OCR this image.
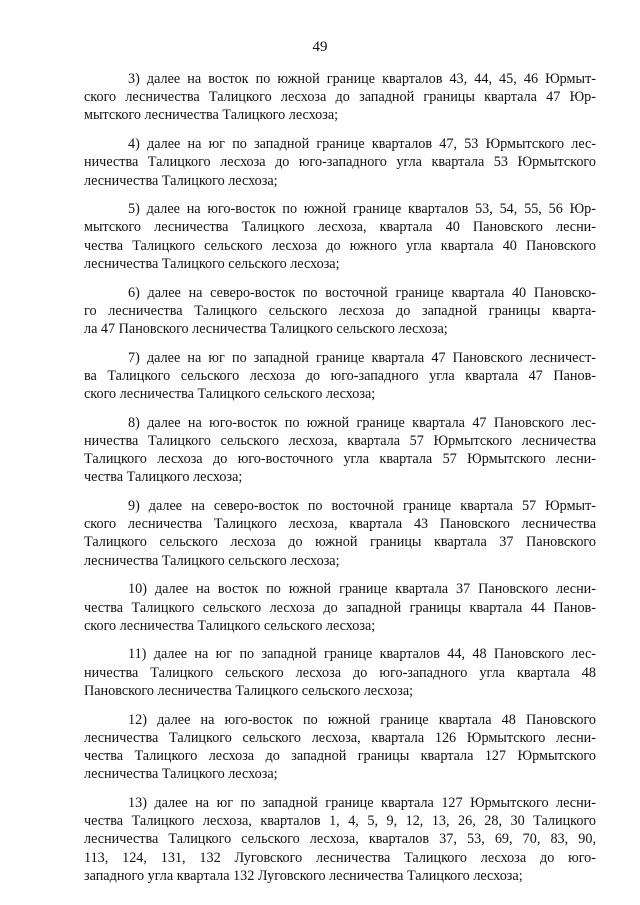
49
3) далее на восток по южной границе кварталов 43, 44, 45, 46 Юрмыт-
ского лесничества Талицкого лесхоза до западной границы квартала 47 Юр-
мытского лесничества Талицкого лесхоза;
4) далее на юг по западной границе кварталов 47, 53 Юрмытского лес-
ничества Талицкого лесхоза до юго-западного угла квартала 53 Юрмытского
лесничества Талицкого лесхоза;
5) далее на юго-восток по южной границе кварталов 53, 54, 55, 56 Юр-
мытского лесничества Талицкого лесхоза, квартала 40 Пановского лесни-
чества Талицкого сельского лесхоза до южного угла квартала 40 Пановского
лесничества Талицкого сельского лесхоза;
6) далее на северо-восток по восточной границе квартала 40 Пановско-
го лесничества Талицкого сельского лесхоза до западной границы кварта-
ла 47 Пановского лесничества Талицкого сельского лесхоза;
7) далее на юг по западной границе квартала 47 Пановского лесничест-
ва Талицкого сельского лесхоза до юго-западного угла квартала 47 Панов-
ского лесничества Талицкого сельского лесхоза;
8) далее на юго-восток по южной границе квартала 47 Пановского лес-
ничества Талицкого сельского лесхоза, квартала 57 Юрмытского лесничества
Талицкого лесхоза до юго-восточного угла квартала 57 Юрмытского лесни-
чества Талицкого лесхоза;
9) далее на северо-восток по восточной границе квартала 57 Юрмыт-
ского лесничества Талицкого лесхоза, квартала 43 Пановского лесничества
Талицкого сельского лесхоза до южной границы квартала 37 Пановского
лесничества Талицкого сельского лесхоза;
10) далее на восток по южной границе квартала 37 Пановского лесни-
чества Талицкого сельского лесхоза до западной границы квартала 44 Панов-
ского лесничества Талицкого сельского лесхоза;
11) далее на юг по западной границе кварталов 44, 48 Пановского лес-
ничества Талицкого сельского лесхоза до юго-западного угла квартала 48
Пановского лесничества Талицкого сельского лесхоза;
12) далее на юго-восток по южной границе квартала 48 Пановского
лесничества Талицкого сельского лесхоза, квартала 126 Юрмытского лесни-
чества Талицкого лесхоза до западной границы квартала 127 Юрмытского
лесничества Талицкого лесхоза;
13) далее на юг по западной границе квартала 127 Юрмытского лесни-
чества Талицкого лесхоза, кварталов 1, 4, 5, 9, 12, 13, 26, 28, 30 Талицкого
лесничества Талицкого сельского лесхоза, кварталов 37, 53, 69, 70, 83, 90,
113, 124, 131, 132 Луговского лесничества Талицкого лесхоза до юго-
западного угла квартала 132 Луговского лесничества Талицкого лесхоза;
